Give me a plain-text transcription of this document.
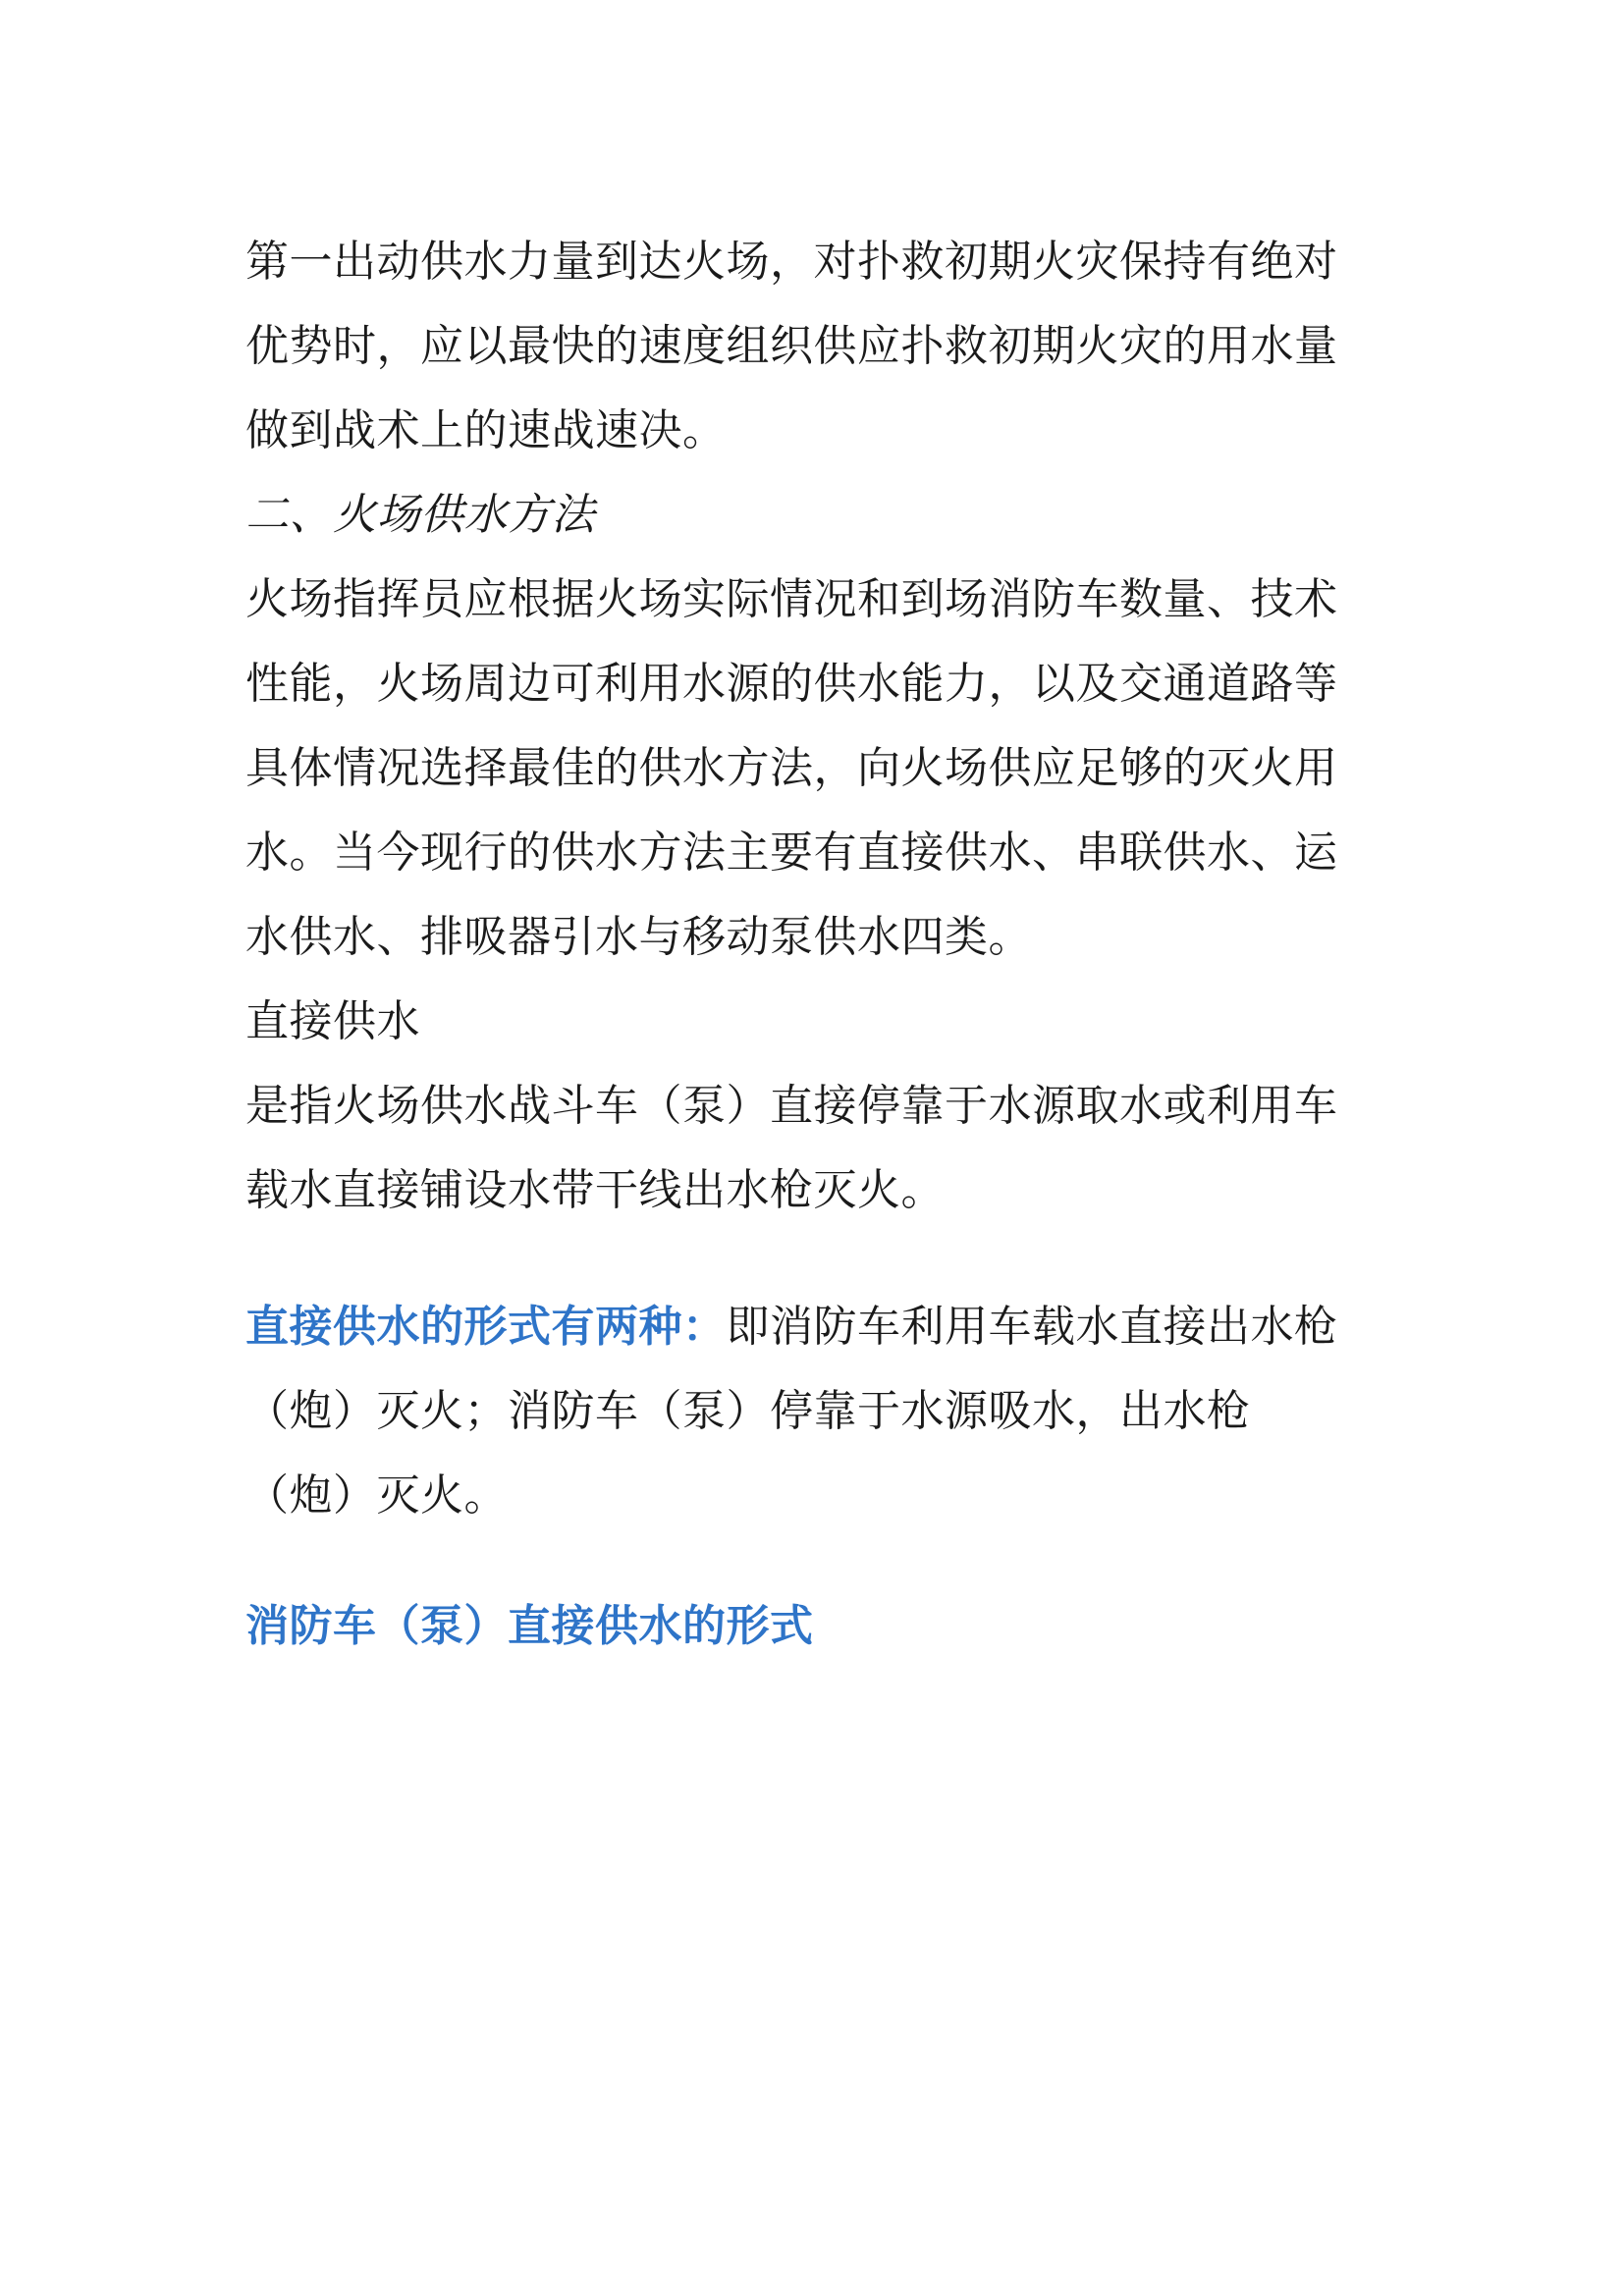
第一出动供水力量到达火场，对扑救初期火灾保持有绝对
优势时，应以最快的速度组织供应扑救初期火灾的用水量
做到战术上的速战速决。
二、火场供水方法
火场指挥员应根据火场实际情况和到场消防车数量、技术
性能，火场周边可利用水源的供水能力，以及交通道路等
具体情况选择最佳的供水方法，向火场供应足够的灭火用
水。当今现行的供水方法主要有直接供水、串联供水、运
水供水、排吸器引水与移动泵供水四类。
直接供水
是指火场供水战斗车（泵）直接停靠于水源取水或利用车
载水直接铺设水带干线出水枪灭火。
直接供水的形式有两种：即消防车利用车载水直接出水枪
（炮）灭火；消防车（泵）停靠于水源吸水，出水枪
（炮）灭火。
消防车（泵）直接供水的形式
